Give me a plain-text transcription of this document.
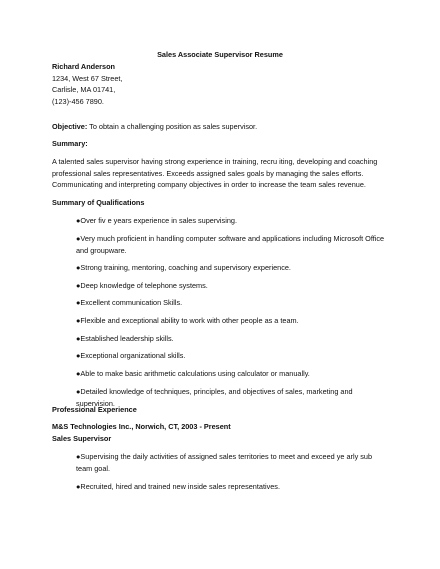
Sales Associate Supervisor Resume
Richard Anderson
1234, West 67 Street,
Carlisle, MA 01741,
(123)-456 7890.
Objective: To obtain a challenging position as sales supervisor.
Summary:
A talented sales supervisor having strong experience in training, recru iting, developing and coaching
professional sales representatives. Exceeds assigned sales goals by managing the sales efforts.
Communicating and interpreting company objectives in order to increase the team sales revenue.
Summary of Qualifications
●Over fiv e years experience in sales supervising.
●Very much proficient in handling computer software and applications including Microsoft Office and groupware.
●Strong training, mentoring, coaching and supervisory experience.
●Deep knowledge of telephone systems.
●Excellent communication Skills.
●Flexible and exceptional ability to work with other people as a team.
●Established leadership skills.
●Exceptional organizational skills.
●Able to make basic arithmetic calculations using calculator or manually.
●Detailed knowledge of techniques, principles, and objectives of sales, marketing and supervision.
Professional Experience
M&S Technologies Inc., Norwich, CT, 2003 - Present
Sales Supervisor
●Supervising the daily activities of assigned sales territories to meet and exceed ye arly sub team goal.
●Recruited, hired and trained new inside sales representatives.
